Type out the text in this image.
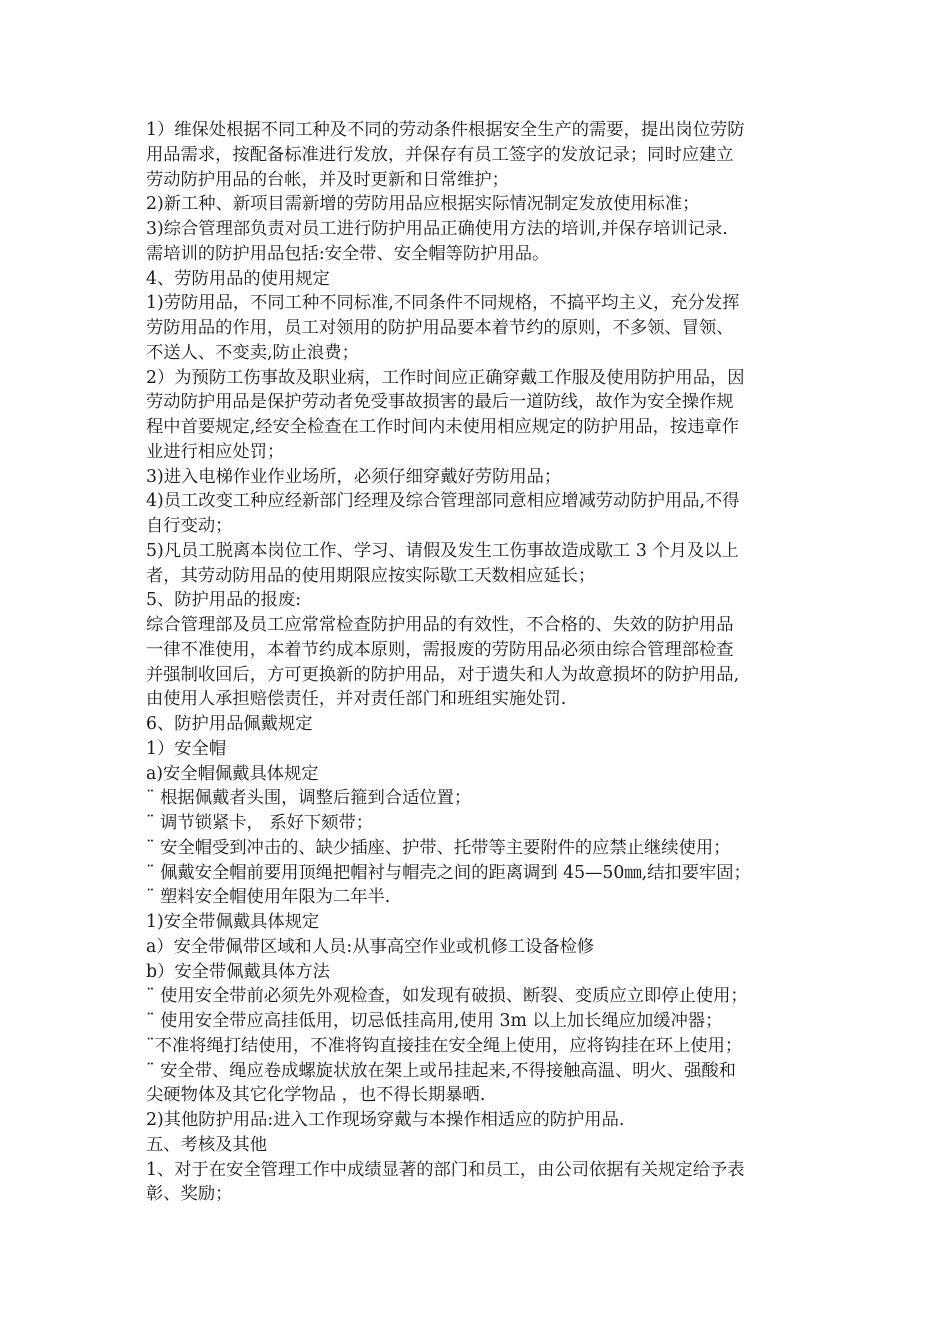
1）维保处根据不同工种及不同的劳动条件根据安全生产的需要，提出岗位劳防
用品需求，按配备标准进行发放，并保存有员工签字的发放记录；同时应建立
劳动防护用品的台帐，并及时更新和日常维护；
2)新工种、新项目需新增的劳防用品应根据实际情况制定发放使用标准；
3)综合管理部负责对员工进行防护用品正确使用方法的培训,并保存培训记录.
需培训的防护用品包括:安全带、安全帽等防护用品。
4、劳防用品的使用规定
1)劳防用品，不同工种不同标准,不同条件不同规格，不搞平均主义，充分发挥
劳防用品的作用，员工对领用的防护用品要本着节约的原则，不多领、冒领、
不送人、不变卖,防止浪费；
2）为预防工伤事故及职业病，工作时间应正确穿戴工作服及使用防护用品，因
劳动防护用品是保护劳动者免受事故损害的最后一道防线，故作为安全操作规
程中首要规定,经安全检查在工作时间内未使用相应规定的防护用品，按违章作
业进行相应处罚；
3)进入电梯作业作业场所，必须仔细穿戴好劳防用品；
4)员工改变工种应经新部门经理及综合管理部同意相应增减劳动防护用品,不得
自行变动；
5)凡员工脱离本岗位工作、学习、请假及发生工伤事故造成歇工 3 个月及以上
者，其劳动防用品的使用期限应按实际歇工天数相应延长；
5、防护用品的报废:
综合管理部及员工应常常检查防护用品的有效性，不合格的、失效的防护用品
一律不准使用，本着节约成本原则，需报废的劳防用品必须由综合管理部检查
并强制收回后，方可更换新的防护用品，对于遗失和人为故意损坏的防护用品,
由使用人承担赔偿责任，并对责任部门和班组实施处罚.
6、防护用品佩戴规定
1）安全帽
a)安全帽佩戴具体规定
¨ 根据佩戴者头围，调整后箍到合适位置；
¨ 调节锁紧卡， 系好下颏带；
¨ 安全帽受到冲击的、缺少插座、护带、托带等主要附件的应禁止继续使用；
¨ 佩戴安全帽前要用顶绳把帽衬与帽壳之间的距离调到 45—50㎜,结扣要牢固；
¨ 塑料安全帽使用年限为二年半.
1)安全带佩戴具体规定
a）安全带佩带区域和人员:从事高空作业或机修工设备检修
b）安全带佩戴具体方法
¨ 使用安全带前必须先外观检查，如发现有破损、断裂、变质应立即停止使用；
¨ 使用安全带应高挂低用，切忌低挂高用,使用 3m 以上加长绳应加缓冲器；
¨不准将绳打结使用，不准将钩直接挂在安全绳上使用，应将钩挂在环上使用；
¨ 安全带、绳应卷成螺旋状放在架上或吊挂起来,不得接触高温、明火、强酸和
尖硬物体及其它化学物品 ，也不得长期暴晒.
2)其他防护用品:进入工作现场穿戴与本操作相适应的防护用品.
五、考核及其他
1、对于在安全管理工作中成绩显著的部门和员工，由公司依据有关规定给予表
彰、奖励；
